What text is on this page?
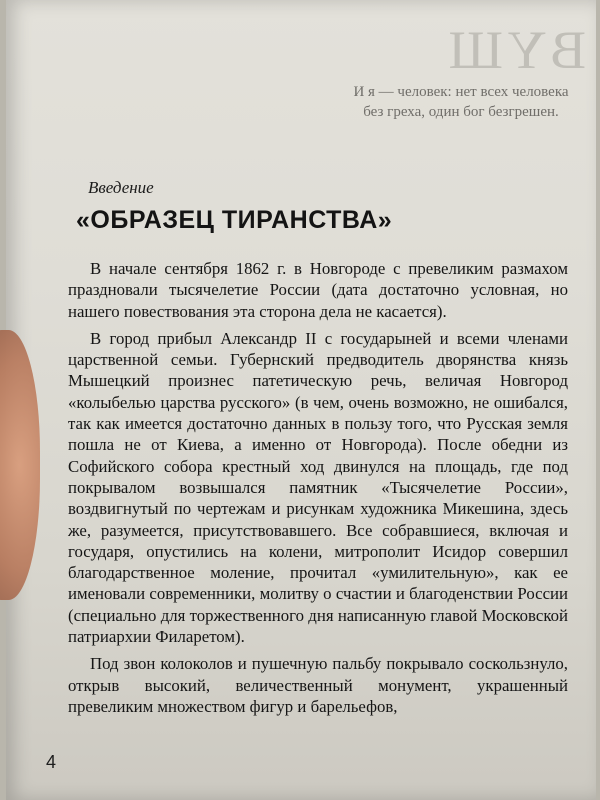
BYШ
И я — человек: нет всех человека
без греха, один бог безгрешен.
Введение
«ОБРАЗЕЦ ТИРАНСТВА»

В начале сентября 1862 г. в Новгороде с превеликим размахом праздновали тысячелетие России (дата достаточно условная, но нашего повествования эта сторона дела не касается).

В город прибыл Александр II с государыней и всеми членами царственной семьи. Губернский предводитель дворянства князь Мышецкий произнес патетическую речь, величая Новгород «колыбелью царства русского» (в чем, очень возможно, не ошибался, так как имеется достаточно данных в пользу того, что Русская земля пошла не от Киева, а именно от Новгорода). После обедни из Софийского собора крестный ход двинулся на площадь, где под покрывалом возвышался памятник «Тысячелетие России», воздвигнутый по чертежам и рисункам художника Микешина, здесь же, разумеется, присутствовавшего. Все собравшиеся, включая и государя, опустились на колени, митрополит Исидор совершил благодарственное моление, прочитал «умилительную», как ее именовали современники, молитву о счастии и благоденствии России (специально для торжественного дня написанную главой Московской патриархии Филаретом).

Под звон колоколов и пушечную пальбу покрывало соскользнуло, открыв высокий, величественный монумент, украшенный превеликим множеством фигур и барельефов,

4
